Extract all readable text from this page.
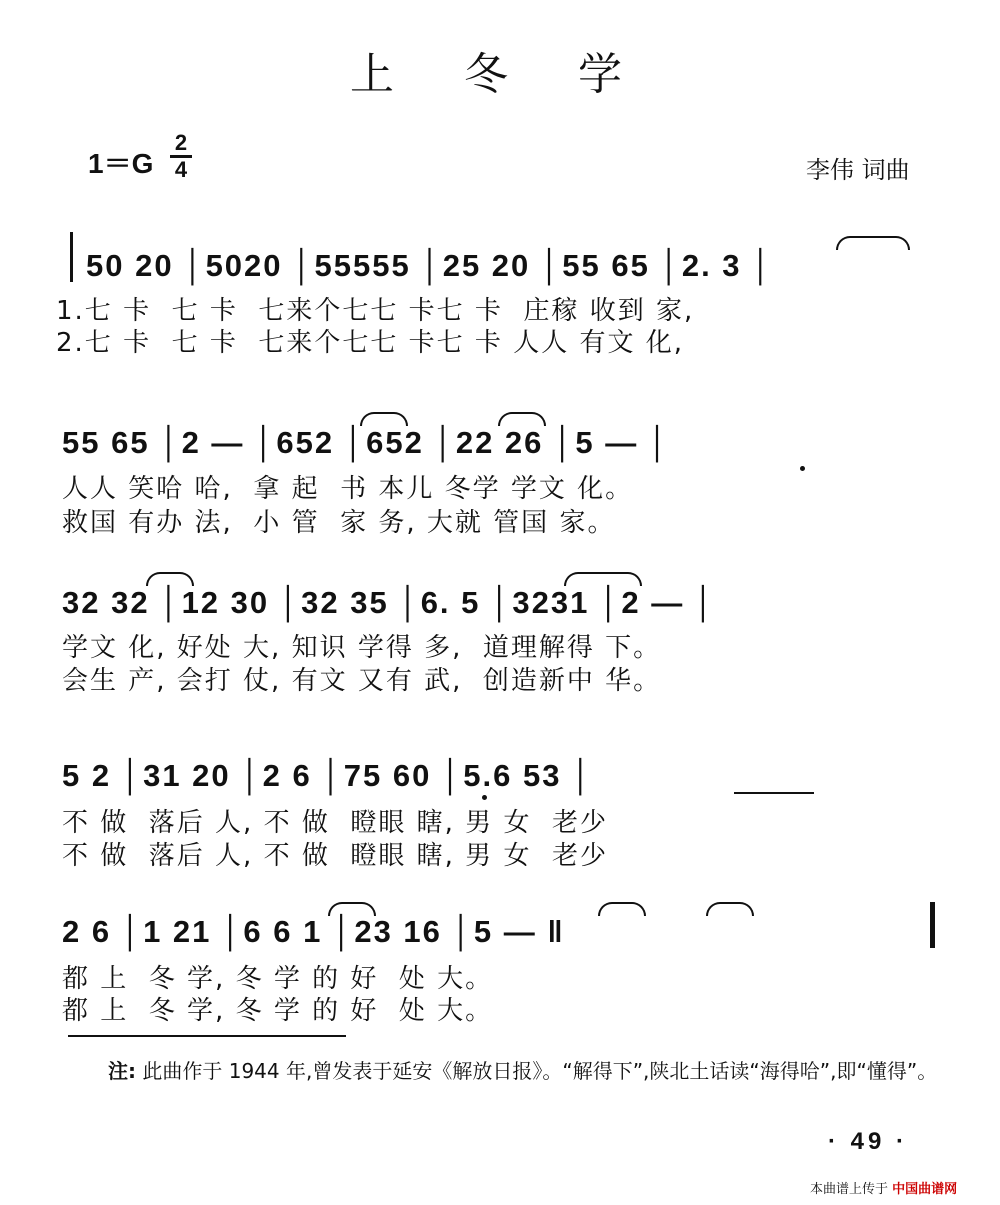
上 冬 学
1＝G
2
4	李伟 词曲
50 20 │5020 │55555 │25 20 │55 65 │2. 3 │
1.七 卡  七 卡  七来个七七 卡七 卡  庄稼 收到 家,
2.七 卡  七 卡  七来个七七 卡七 卡 人人 有文 化,
55 65 │2 — │652 │652 │22 26 │5 — │
人人 笑哈 哈,  拿 起  书 本儿 冬学 学文 化。
救国 有办 法,  小 管  家 务, 大就 管国 家。
32 32 │12 30 │32 35 │6. 5 │3231 │2 — │
学文 化, 好处 大, 知识 学得 多,  道理解得 下。
会生 产, 会打 仗, 有文 又有 武,  创造新中 华。
5 2 │31 20 │2 6 │75 60 │5.6 53 │
不 做  落后 人, 不 做  瞪眼 瞎, 男 女  老少
不 做  落后 人, 不 做  瞪眼 瞎, 男 女  老少
2 6 │1 21 │6 6 1 │23 16 │5 — ‖
都 上  冬 学, 冬 学 的 好  处 大。
都 上  冬 学, 冬 学 的 好  处 大。
注: 此曲作于 1944 年,曾发表于延安《解放日报》。“解得下”,陕北土话读“海得哈”,即“懂得”。
· 49 ·
本曲谱上传于 中国曲谱网
